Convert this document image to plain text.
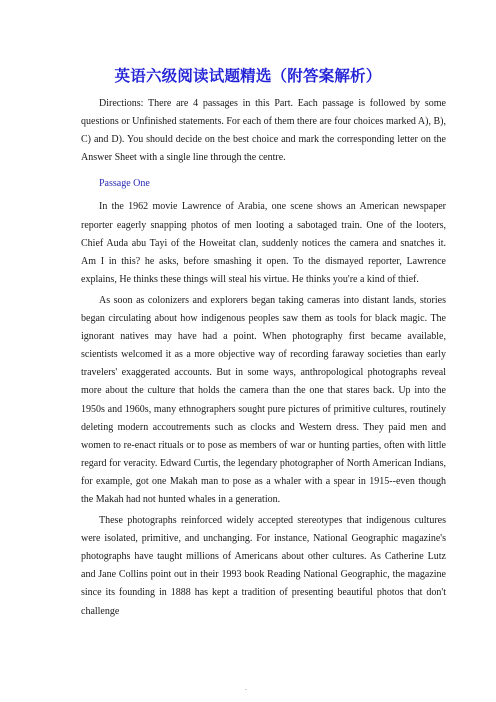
英语六级阅读试题精选（附答案解析）

Directions: There are 4 passages in this Part. Each passage is followed by some questions or Unfinished statements. For each of them there are four choices marked A), B), C) and D). You should decide on the best choice and mark the corresponding letter on the Answer Sheet with a single line through the centre.

Passage One

In the 1962 movie Lawrence of Arabia, one scene shows an American newspaper reporter eagerly snapping photos of men looting a sabotaged train. One of the looters, Chief Auda abu Tayi of the Howeitat clan, suddenly notices the camera and snatches it. Am I in this? he asks, before smashing it open. To the dismayed reporter, Lawrence explains, He thinks these things will steal his virtue. He thinks you're a kind of thief.

As soon as colonizers and explorers began taking cameras into distant lands, stories began circulating about how indigenous peoples saw them as tools for black magic. The ignorant natives may have had a point. When photography first became available, scientists welcomed it as a more objective way of recording faraway societies than early travelers' exaggerated accounts. But in some ways, anthropological photographs reveal more about the culture that holds the camera than the one that stares back. Up into the 1950s and 1960s, many ethnographers sought pure pictures of primitive cultures, routinely deleting modern accoutrements such as clocks and Western dress. They paid men and women to re-enact rituals or to pose as members of war or hunting parties, often with little regard for veracity. Edward Curtis, the legendary photographer of North American Indians, for example, got one Makah man to pose as a whaler with a spear in 1915--even though the Makah had not hunted whales in a generation.

These photographs reinforced widely accepted stereotypes that indigenous cultures were isolated, primitive, and unchanging. For instance, National Geographic magazine's photographs have taught millions of Americans about other cultures. As Catherine Lutz and Jane Collins point out in their 1993 book Reading National Geographic, the magazine since its founding in 1888 has kept a tradition of presenting beautiful photos that don't challenge

.
